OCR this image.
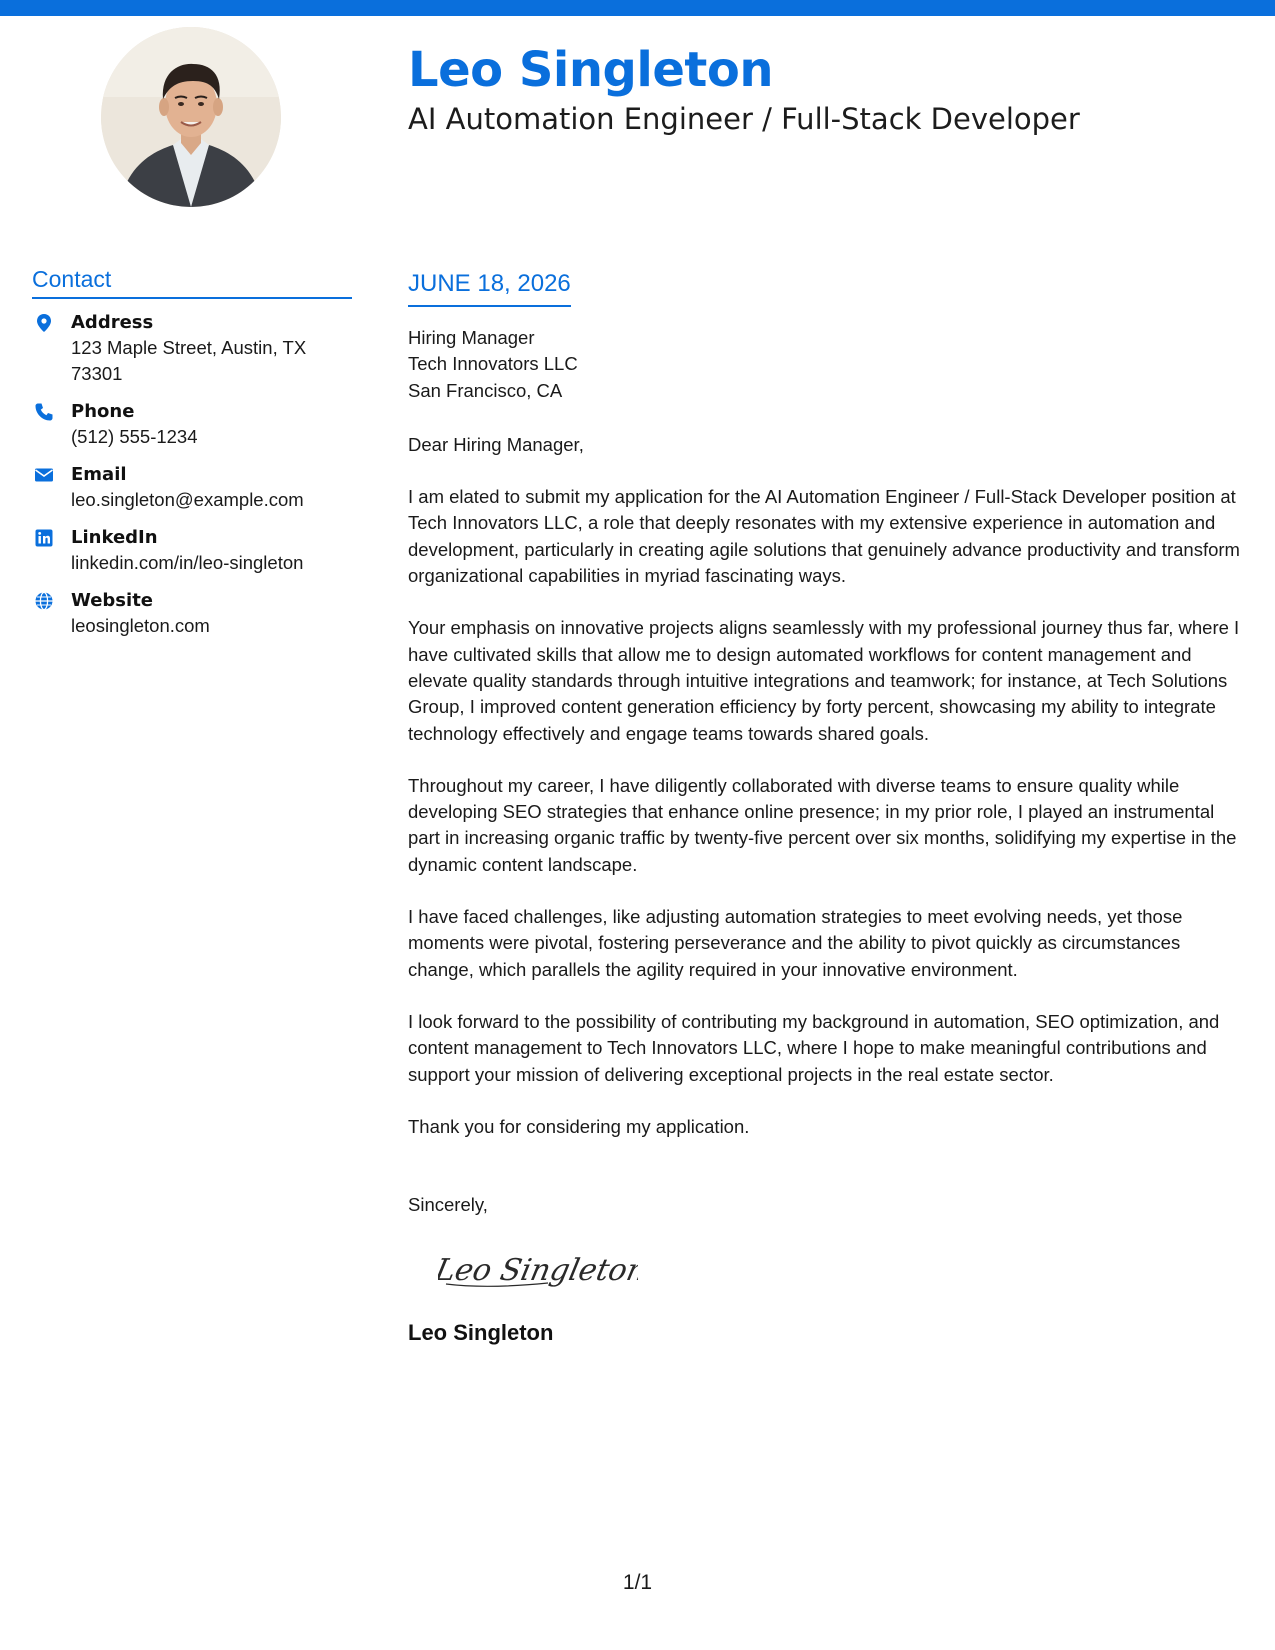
Leo Singleton
AI Automation Engineer / Full-Stack Developer
Contact
Address
123 Maple Street, Austin, TX 73301
Phone
(512) 555-1234
Email
leo.singleton@example.com
LinkedIn
linkedin.com/in/leo-singleton
Website
leosingleton.com
JUNE 18, 2026
Hiring Manager
Tech Innovators LLC
San Francisco, CA
Dear Hiring Manager,
I am elated to submit my application for the AI Automation Engineer / Full-Stack Developer position at Tech Innovators LLC, a role that deeply resonates with my extensive experience in automation and development, particularly in creating agile solutions that genuinely advance productivity and transform organizational capabilities in myriad fascinating ways.
Your emphasis on innovative projects aligns seamlessly with my professional journey thus far, where I have cultivated skills that allow me to design automated workflows for content management and elevate quality standards through intuitive integrations and teamwork; for instance, at Tech Solutions Group, I improved content generation efficiency by forty percent, showcasing my ability to integrate technology effectively and engage teams towards shared goals.
Throughout my career, I have diligently collaborated with diverse teams to ensure quality while developing SEO strategies that enhance online presence; in my prior role, I played an instrumental part in increasing organic traffic by twenty-five percent over six months, solidifying my expertise in the dynamic content landscape.
I have faced challenges, like adjusting automation strategies to meet evolving needs, yet those moments were pivotal, fostering perseverance and the ability to pivot quickly as circumstances change, which parallels the agility required in your innovative environment.
I look forward to the possibility of contributing my background in automation, SEO optimization, and content management to Tech Innovators LLC, where I hope to make meaningful contributions and support your mission of delivering exceptional projects in the real estate sector.
Thank you for considering my application.
Sincerely,
Leo Singleton
Leo Singleton
1/1
